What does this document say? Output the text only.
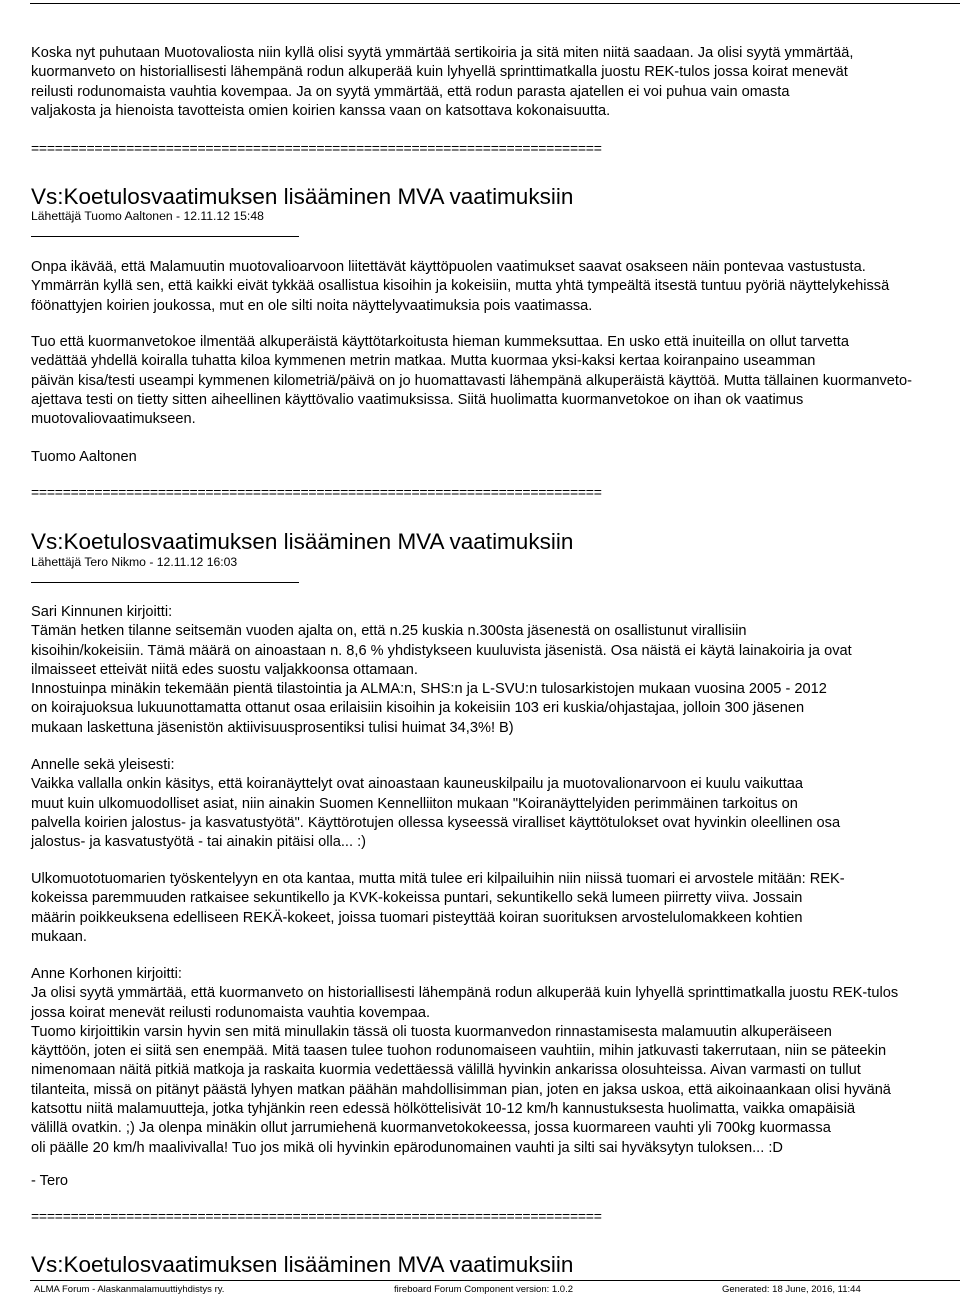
Koska nyt puhutaan Muotovaliosta niin kyllä olisi syytä ymmärtää sertikoiria ja sitä miten niitä saadaan. Ja olisi syytä ymmärtää,
kuormanveto on historiallisesti lähempänä rodun alkuperää kuin lyhyellä sprinttimatkalla juostu REK-tulos jossa koirat menevät
reilusti rodunomaista vauhtia kovempaa. Ja on syytä ymmärtää, että rodun parasta ajatellen ei voi puhua vain omasta
valjakosta ja hienoista tavotteista omien koirien kanssa vaan on katsottava kokonaisuutta.
========================================================================
Vs:Koetulosvaatimuksen lisääminen MVA vaatimuksiin
Lähettäjä Tuomo Aaltonen - 12.11.12 15:48
Onpa ikävää, että Malamuutin muotovalioarvoon liitettävät käyttöpuolen vaatimukset saavat osakseen näin pontevaa vastustusta.
Ymmärrän kyllä sen, että kaikki eivät tykkää osallistua kisoihin ja kokeisiin, mutta yhtä tympeältä itsestä tuntuu pyöriä näyttelykehissä
föönattyjen koirien joukossa, mut en ole silti noita näyttelyvaatimuksia pois vaatimassa.
Tuo että kuormanvetokoe ilmentää alkuperäistä käyttötarkoitusta hieman kummeksuttaa. En usko että inuiteilla on ollut tarvetta
vedättää yhdellä koiralla tuhatta kiloa kymmenen metrin matkaa. Mutta kuormaa yksi-kaksi kertaa koiranpaino useamman
päivän kisa/testi useampi kymmenen kilometriä/päivä on jo huomattavasti lähempänä alkuperäistä käyttöä. Mutta tällainen kuormanveto-
ajettava testi on tietty sitten aiheellinen käyttövalio vaatimuksissa. Siitä huolimatta kuormanvetokoe on ihan ok vaatimus
muotovaliovaatimukseen.
Tuomo Aaltonen
========================================================================
Vs:Koetulosvaatimuksen lisääminen MVA vaatimuksiin
Lähettäjä Tero Nikmo - 12.11.12 16:03
Sari Kinnunen kirjoitti:
Tämän hetken tilanne seitsemän vuoden ajalta on, että n.25 kuskia n.300sta jäsenestä on osallistunut virallisiin
kisoihin/kokeisiin. Tämä määrä on ainoastaan n. 8,6 % yhdistykseen kuuluvista jäsenistä. Osa näistä ei käytä lainakoiria ja ovat
ilmaisseet etteivät niitä edes suostu valjakkoonsa ottamaan.
Innostuinpa minäkin tekemään pientä tilastointia ja ALMA:n, SHS:n ja L-SVU:n tulosarkistojen mukaan vuosina 2005 - 2012
on koirajuoksua lukuunottamatta ottanut osaa erilaisiin kisoihin ja kokeisiin 103 eri kuskia/ohjastajaa, jolloin 300 jäsenen
mukaan laskettuna jäsenistön aktiivisuusprosentiksi tulisi huimat 34,3%! B)
Annelle sekä yleisesti:
Vaikka vallalla onkin käsitys, että koiranäyttelyt ovat ainoastaan kauneuskilpailu ja muotovalionarvoon ei kuulu vaikuttaa
muut kuin ulkomuodolliset asiat, niin ainakin Suomen Kennelliiton mukaan "Koiranäyttelyiden perimmäinen tarkoitus on
palvella koirien jalostus- ja kasvatustyötä". Käyttörotujen ollessa kyseessä viralliset käyttötulokset ovat hyvinkin oleellinen osa
jalostus- ja kasvatustyötä - tai ainakin pitäisi olla... :)
Ulkomuototuomarien työskentelyyn en ota kantaa, mutta mitä tulee eri kilpailuihin niin niissä tuomari ei arvostele mitään: REK-
kokeissa paremmuuden ratkaisee sekuntikello ja KVK-kokeissa puntari, sekuntikello sekä lumeen piirretty viiva. Jossain
määrin poikkeuksena edelliseen REKÄ-kokeet, joissa tuomari pisteyttää koiran suorituksen arvostelulomakkeen kohtien
mukaan.
Anne Korhonen kirjoitti:
Ja olisi syytä ymmärtää, että kuormanveto on historiallisesti lähempänä rodun alkuperää kuin lyhyellä sprinttimatkalla juostu REK-tulos
jossa koirat menevät reilusti rodunomaista vauhtia kovempaa.
Tuomo kirjoittikin varsin hyvin sen mitä minullakin tässä oli tuosta kuormanvedon rinnastamisesta malamuutin alkuperäiseen
käyttöön, joten ei siitä sen enempää. Mitä taasen tulee tuohon rodunomaiseen vauhtiin, mihin jatkuvasti takerrutaan, niin se päteekin
nimenomaan näitä pitkiä matkoja ja raskaita kuormia vedettäessä välillä hyvinkin ankarissa olosuhteissa. Aivan varmasti on tullut
tilanteita, missä on pitänyt päästä lyhyen matkan päähän mahdollisimman pian, joten en jaksa uskoa, että aikoinaankaan olisi hyvänä
katsottu niitä malamuutteja, jotka tyhjänkin reen edessä hölköttelisivät 10-12 km/h kannustuksesta huolimatta, vaikka omapäisiä
välillä ovatkin. ;) Ja olenpa minäkin ollut jarrumiehenä kuormanvetokokeessa, jossa kuormareen vauhti yli 700kg kuormassa
oli päälle 20 km/h maalivivalla! Tuo jos mikä oli hyvinkin epärodunomainen vauhti ja silti sai hyväksytyn tuloksen... :D
- Tero
========================================================================
Vs:Koetulosvaatimuksen lisääminen MVA vaatimuksiin
ALMA Forum - Alaskanmalamuuttiyhdistys ry.	fireboard Forum Component version: 1.0.2	Generated: 18 June, 2016, 11:44
